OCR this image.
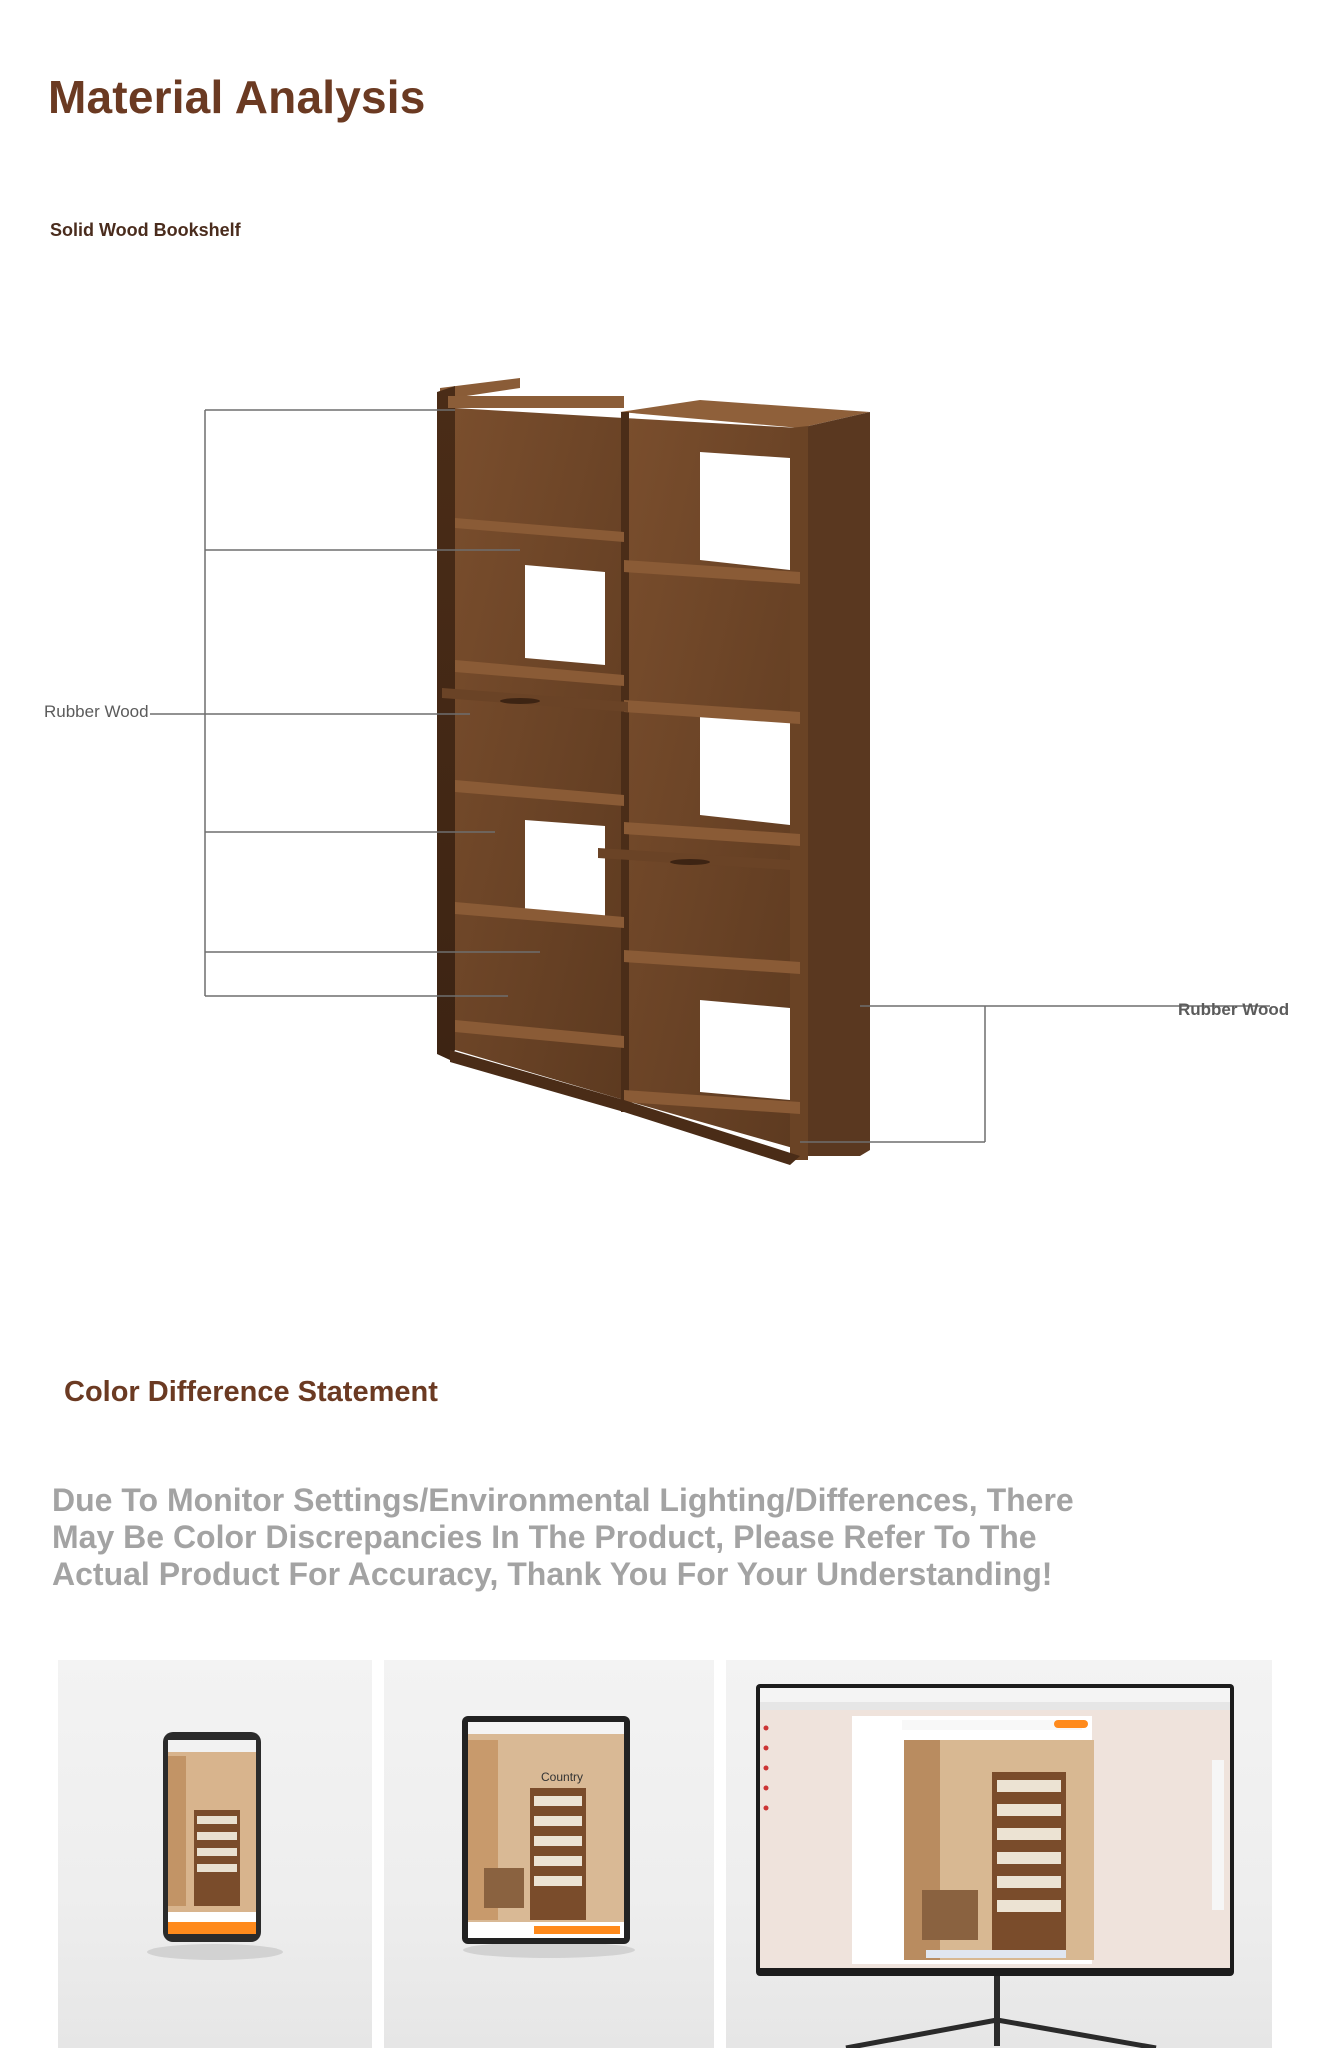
Material Analysis
Solid Wood Bookshelf
Rubber Wood
Rubber Wood
Color Difference Statement
Due To Monitor Settings/Environmental Lighting/Differences, There May Be Color Discrepancies In The Product, Please Refer To The Actual Product For Accuracy, Thank You For Your Understanding!
Country
